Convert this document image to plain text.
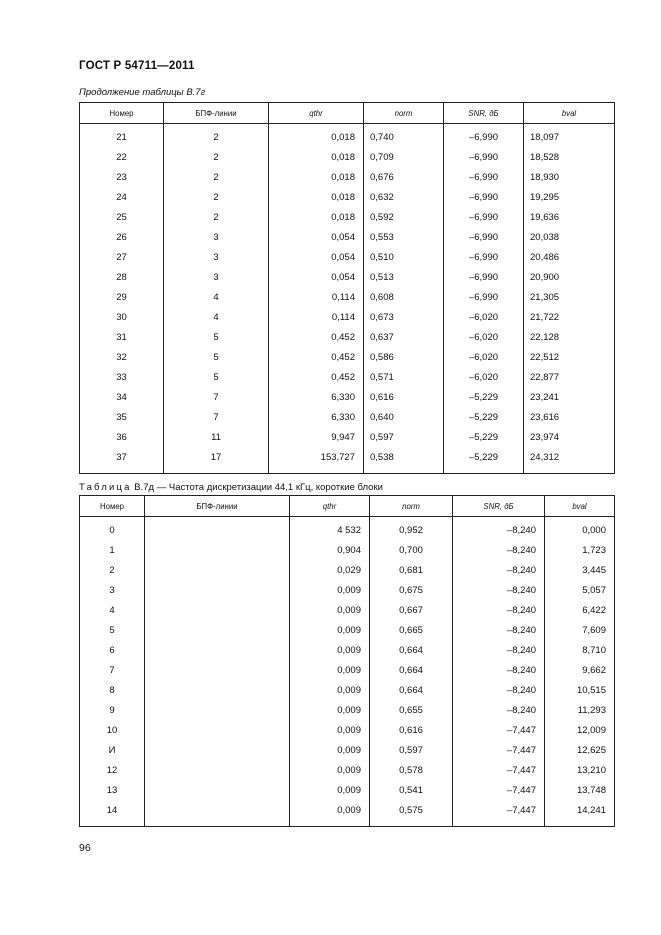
ГОСТ Р 54711—2011
Продолжение таблицы В.7г
Номер	БПФ-линии	qthr	norm	SNR, дБ	bval
21	2	0,018	0,740	–6,990	18,097
22	2	0,018	0,709	–6,990	18,528
23	2	0,018	0,676	–6,990	18,930
24	2	0,018	0,632	–6,990	19,295
25	2	0,018	0,592	–6,990	19,636
26	3	0,054	0,553	–6,990	20,038
27	3	0,054	0,510	–6,990	20,486
28	3	0,054	0,513	–6,990	20,900
29	4	0,114	0,608	–6,990	21,305
30	4	0,114	0,673	–6,020	21,722
31	5	0,452	0,637	–6,020	22,128
32	5	0,452	0,586	–6,020	22,512
33	5	0,452	0,571	–6,020	22,877
34	7	6,330	0,616	–5,229	23,241
35	7	6,330	0,640	–5,229	23,616
36	11	9,947	0,597	–5,229	23,974
37	17	153,727	0,538	–5,229	24,312

Таблица В.7д — Частота дискретизации 44,1 кГц, короткие блоки
Номер	БПФ-линии	qthr	norm	SNR, дБ	bval
0		4 532	0,952	–8,240	0,000
1		0,904	0,700	–8,240	1,723
2		0,029	0,681	–8,240	3,445
3		0,009	0,675	–8,240	5,057
4		0,009	0,667	–8,240	6,422
5		0,009	0,665	–8,240	7,609
6		0,009	0,664	–8,240	8,710
7		0,009	0,664	–8,240	9,662
8		0,009	0,664	–8,240	10,515
9		0,009	0,655	–8,240	11,293
10		0,009	0,616	–7,447	12,009
И		0,009	0,597	–7,447	12,625
12		0,009	0,578	–7,447	13,210
13		0,009	0,541	–7,447	13,748
14		0,009	0,575	–7,447	14,241

96
